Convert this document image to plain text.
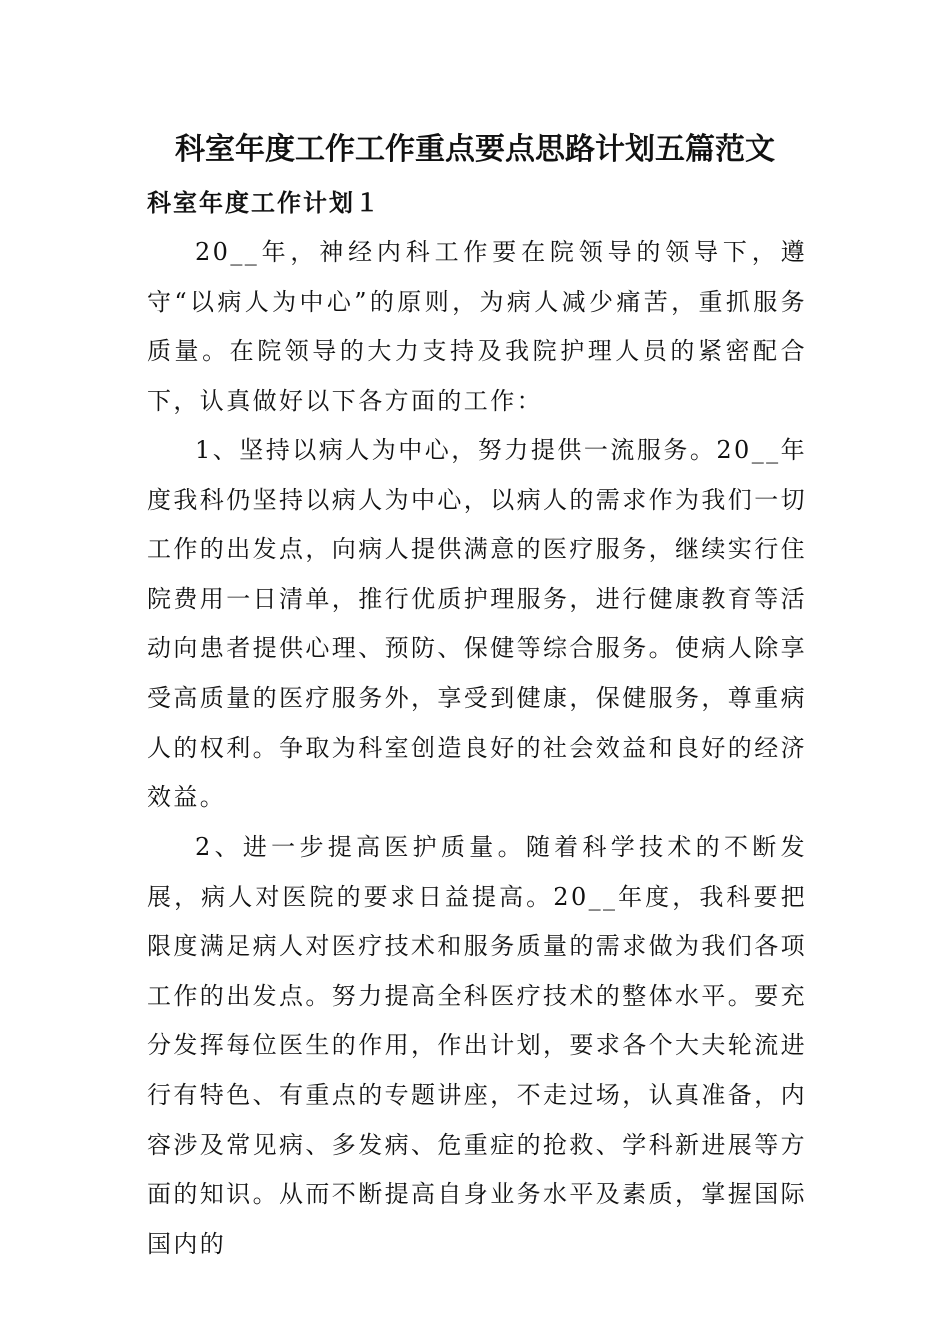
科室年度工作工作重点要点思路计划五篇范文
科室年度工作计划１

20__年，神经内科工作要在院领导的领导下，遵守“以病人为中心”的原则，为病人减少痛苦，重抓服务质量。在院领导的大力支持及我院护理人员的紧密配合下，认真做好以下各方面的工作：

1、坚持以病人为中心，努力提供一流服务。20__年度我科仍坚持以病人为中心，以病人的需求作为我们一切工作的出发点，向病人提供满意的医疗服务，继续实行住院费用一日清单，推行优质护理服务，进行健康教育等活动向患者提供心理、预防、保健等综合服务。使病人除享受高质量的医疗服务外，享受到健康，保健服务，尊重病人的权利。争取为科室创造良好的社会效益和良好的经济效益。

2、进一步提高医护质量。随着科学技术的不断发展，病人对医院的要求日益提高。20__年度，我科要把限度满足病人对医疗技术和服务质量的需求做为我们各项工作的出发点。努力提高全科医疗技术的整体水平。要充分发挥每位医生的作用，作出计划，要求各个大夫轮流进行有特色、有重点的专题讲座，不走过场，认真准备，内容涉及常见病、多发病、危重症的抢救、学科新进展等方面的知识。从而不断提高自身业务水平及素质，掌握国际国内的
